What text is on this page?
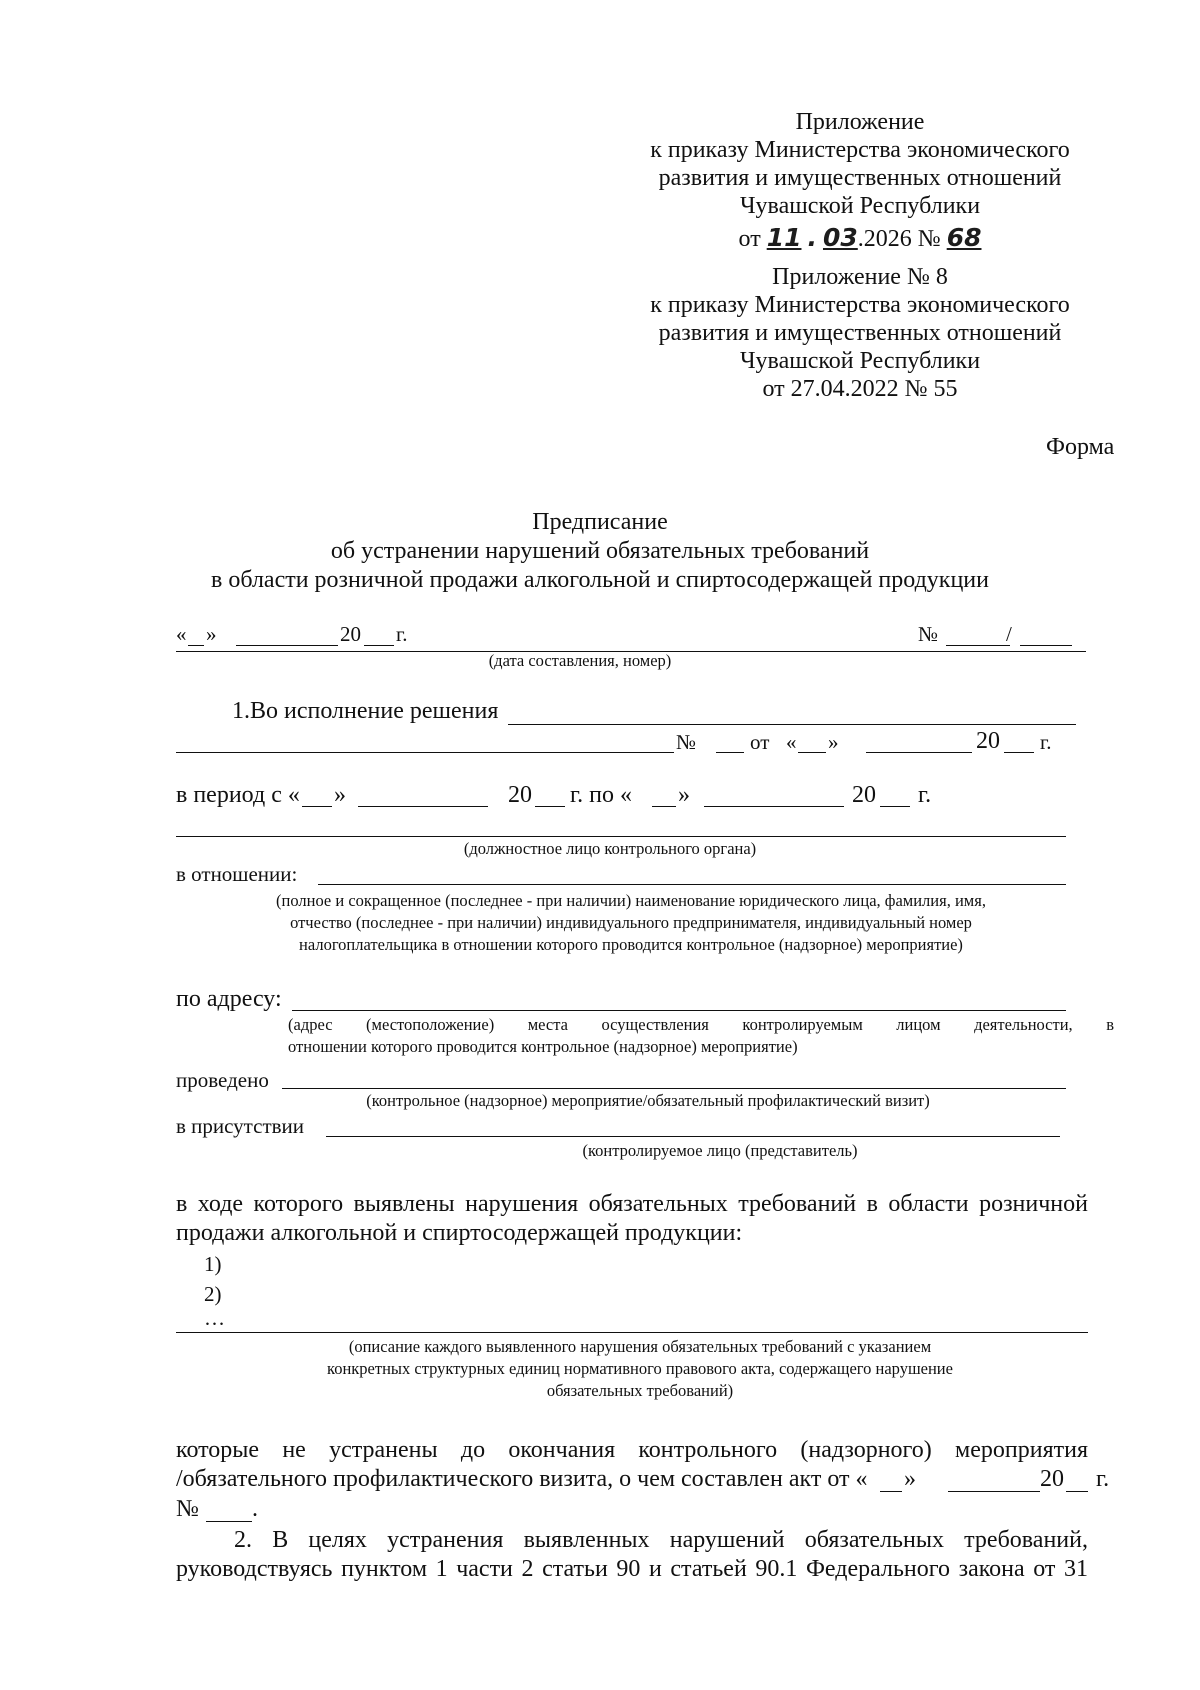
Приложение
к приказу Министерства экономического
развития и имущественных отношений
Чувашской Республики
от 11 . 03.2026 № 68
Приложение № 8
к приказу Министерства экономического
развития и имущественных отношений
Чувашской Республики
от 27.04.2022 № 55
Форма
Предписание
об устранении нарушений обязательных требований
в области розничной продажи алкогольной и спиртосодержащей продукции
« »	20 г.	№	/
(дата составления, номер)
1.Во исполнение решения
№	от « »	20 г.
в период с « »	20 г. по « »	20 г.
(должностное лицо контрольного органа)
в отношении:
(полное и сокращенное (последнее - при наличии) наименование юридического лица, фамилия, имя,
отчество (последнее - при наличии) индивидуального предпринимателя, индивидуальный номер
налогоплательщика в отношении которого проводится контрольное (надзорное) мероприятие)
по адресу:
(адрес (местоположение) места осуществления контролируемым лицом деятельности, в
отношении которого проводится контрольное (надзорное) мероприятие)
проведено
(контрольное (надзорное) мероприятие/обязательный профилактический визит)
в присутствии
(контролируемое лицо (представитель)
в ходе которого выявлены нарушения обязательных требований в области розничной
продажи алкогольной и спиртосодержащей продукции:
1)
2)
…
(описание каждого выявленного нарушения обязательных требований с указанием
конкретных структурных единиц нормативного правового акта, содержащего нарушение
обязательных требований)
которые не устранены до окончания контрольного (надзорного) мероприятия
/обязательного профилактического визита, о чем составлен акт от « »	20 г.
№ .
2. В целях устранения выявленных нарушений обязательных требований,
руководствуясь пунктом 1 части 2 статьи 90 и статьей 90.1 Федерального закона от 31
